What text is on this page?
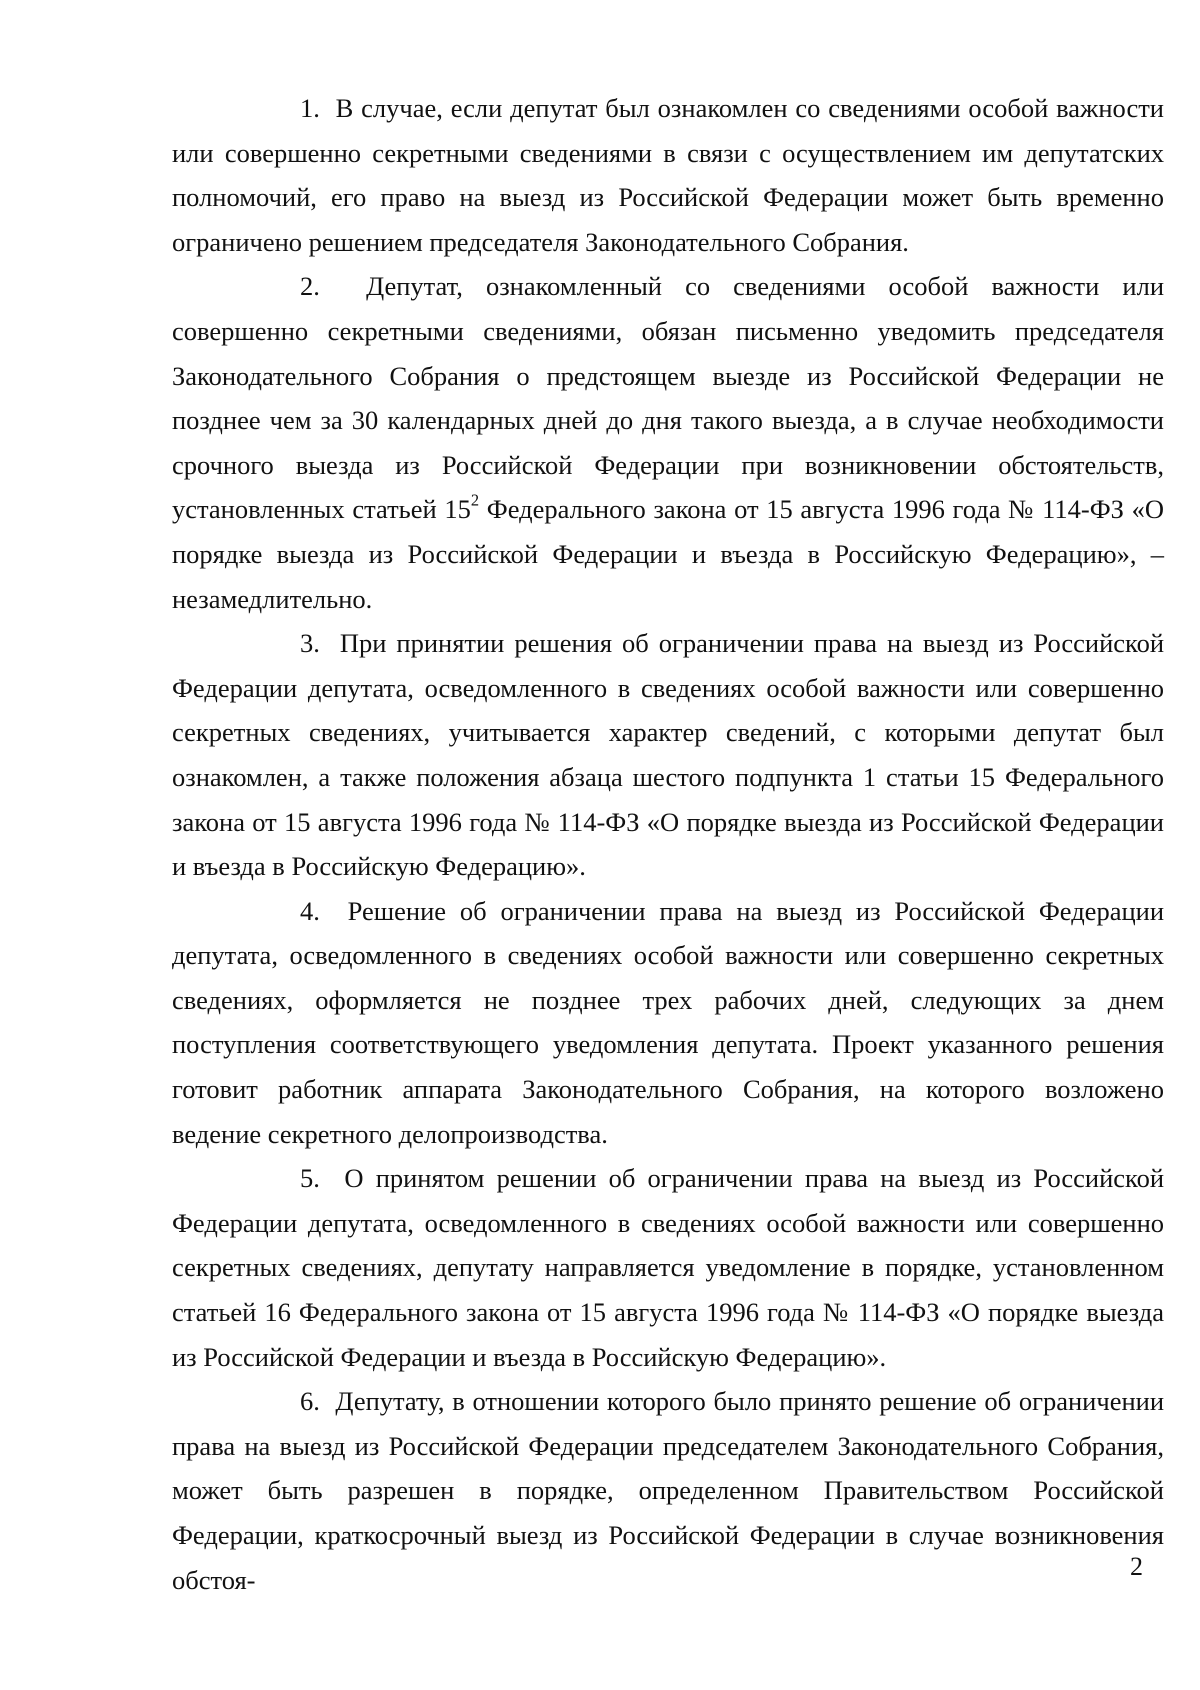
1. В случае, если депутат был ознакомлен со сведениями особой важности или совершенно секретными сведениями в связи с осуществлением им депутатских полномочий, его право на выезд из Российской Федерации может быть временно ограничено решением председателя Законодательного Собрания.

2. Депутат, ознакомленный со сведениями особой важности или совершенно секретными сведениями, обязан письменно уведомить председателя Законодательного Собрания о предстоящем выезде из Российской Федерации не позднее чем за 30 календарных дней до дня такого выезда, а в случае необходимости срочного выезда из Российской Федерации при возникновении обстоятельств, установленных статьей $15^2$ Федерального закона от 15 августа 1996 года № 114-ФЗ «О порядке выезда из Российской Федерации и въезда в Российскую Федерацию», – незамедлительно.

3. При принятии решения об ограничении права на выезд из Российской Федерации депутата, осведомленного в сведениях особой важности или совершенно секретных сведениях, учитывается характер сведений, с которыми депутат был ознакомлен, а также положения абзаца шестого подпункта 1 статьи 15 Федерального закона от 15 августа 1996 года № 114-ФЗ «О порядке выезда из Российской Федерации и въезда в Российскую Федерацию».

4. Решение об ограничении права на выезд из Российской Федерации депутата, осведомленного в сведениях особой важности или совершенно секретных сведениях, оформляется не позднее трех рабочих дней, следующих за днем поступления соответствующего уведомления депутата. Проект указанного решения готовит работник аппарата Законодательного Собрания, на которого возложено ведение секретного делопроизводства.

5. О принятом решении об ограничении права на выезд из Российской Федерации депутата, осведомленного в сведениях особой важности или совершенно секретных сведениях, депутату направляется уведомление в порядке, установленном статьей 16 Федерального закона от 15 августа 1996 года № 114-ФЗ «О порядке выезда из Российской Федерации и въезда в Российскую Федерацию».

6. Депутату, в отношении которого было принято решение об ограничении права на выезд из Российской Федерации председателем Законодательного Собрания, может быть разрешен в порядке, определенном Правительством Российской Федерации, краткосрочный выезд из Российской Федерации в случае возникновения обстоя-	2
